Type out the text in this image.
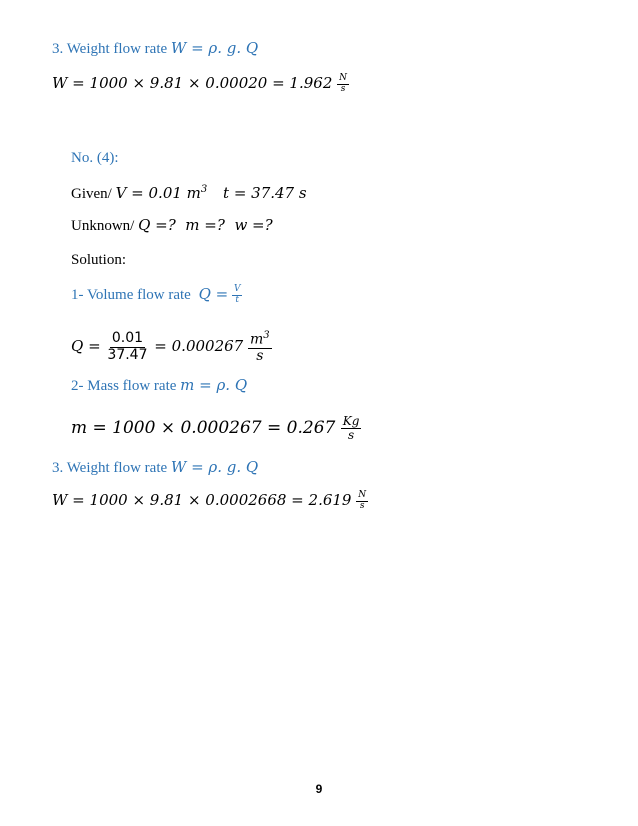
3. Weight flow rate W = ρ. g. Q
$W = 1000 \times 9.81 \times 0.00020 = 1.962 \frac{N}{s}$
No. (4):
Given/ V = 0.01 $m^3$ t = 37.47 s
Unknown/ Q =?  m =?  w =?
Solution:
1- Volume flow rate $Q = \frac{V}{t}$
$Q = \frac{0.01}{37.47} = 0.000267 \frac{m^3}{s}$
2- Mass flow rate m = ρ. Q
$m = 1000 \times 0.000267 = 0.267 \frac{Kg}{s}$
3. Weight flow rate W = ρ. g. Q
$W = 1000 \times 9.81 \times 0.0002668 = 2.619 \frac{N}{s}$
9
